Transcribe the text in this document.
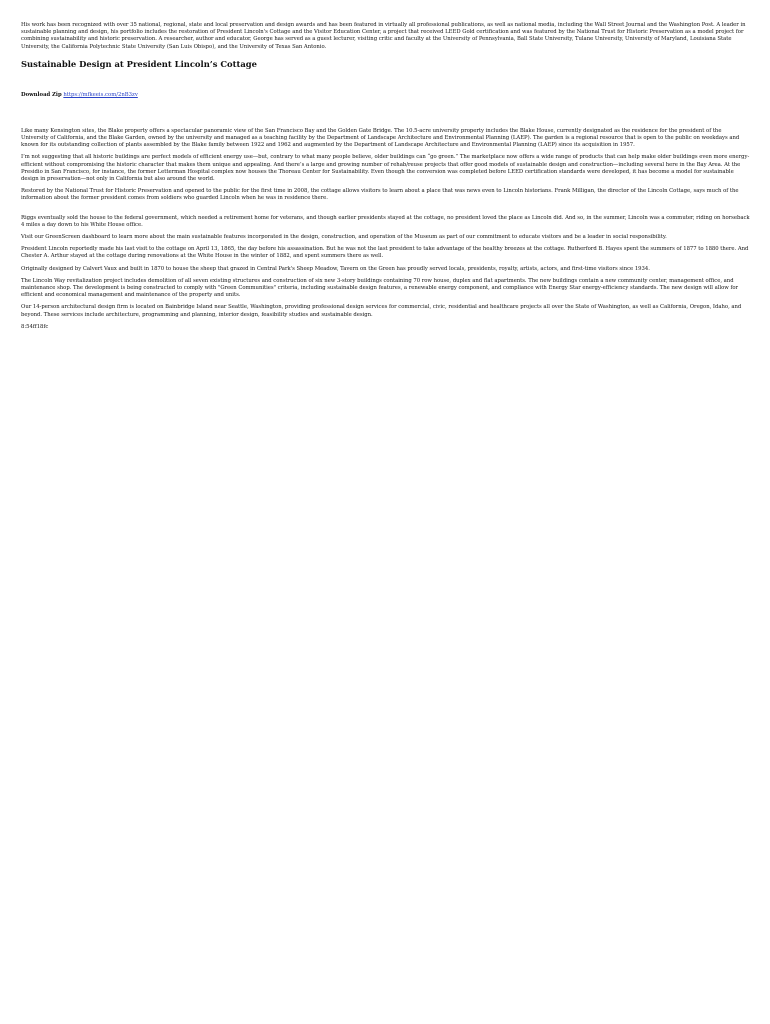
His work has been recognized with over 35 national, regional, state and local preservation and design awards and has been featured in virtually all professional publications, as well as national media, including the Wall Street Journal and the Washington Post. A leader in sustainable planning and design, his portfolio includes the restoration of President Lincoln's Cottage and the Visitor Education Center, a project that received LEED Gold certification and was featured by the National Trust for Historic Preservation as a model project for combining sustainability and historic preservation. A researcher, author and educator, George has served as a guest lecturer, visiting critic and faculty at the University of Pennsylvania, Ball State University, Tulane University, University of Maryland, Louisiana State University, the California Polytechnic State University (San Luis Obispo), and the University of Texas San Antonio.

Sustainable Design at President Lincoln’s Cottage
Download Zip https://mfkeeis.com/2nB3zv

Like many Kensington sites, the Blake property offers a spectacular panoramic view of the San Francisco Bay and the Golden Gate Bridge. The 10.5-acre university property includes the Blake House, currently designated as the residence for the president of the University of California, and the Blake Garden, owned by the university and managed as a teaching facility by the Department of Landscape Architecture and Environmental Planning (LAEP). The garden is a regional resource that is open to the public on weekdays and known for its outstanding collection of plants assembled by the Blake family between 1922 and 1962 and augmented by the Department of Landscape Architecture and Environmental Planning (LAEP) since its acquisition in 1957.

I’m not suggesting that all historic buildings are perfect models of efficient energy use—but, contrary to what many people believe, older buildings can “go green.” The marketplace now offers a wide range of products that can help make older buildings even more energy-efficient without compromising the historic character that makes them unique and appealing. And there’s a large and growing number of rehab/reuse projects that offer good models of sustainable design and construction—including several here in the Bay Area. At the Presidio in San Francisco, for instance, the former Letterman Hospital complex now houses the Thoreau Center for Sustainability. Even though the conversion was completed before LEED certification standards were developed, it has become a model for sustainable design in preservation—not only in California but also around the world.

Restored by the National Trust for Historic Preservation and opened to the public for the first time in 2008, the cottage allows visitors to learn about a place that was news even to Lincoln historians. Frank Milligan, the director of the Lincoln Cottage, says much of the information about the former president comes from soldiers who guarded Lincoln when he was in residence there.

Riggs eventually sold the house to the federal government, which needed a retirement home for veterans, and though earlier presidents stayed at the cottage, no president loved the place as Lincoln did. And so, in the summer, Lincoln was a commuter, riding on horseback 4 miles a day down to his White House office.

Visit our GreenScreen dashboard to learn more about the main sustainable features incorporated in the design, construction, and operation of the Museum as part of our commitment to educate visitors and be a leader in social responsibility.

President Lincoln reportedly made his last visit to the cottage on April 13, 1865, the day before his assassination. But he was not the last president to take advantage of the healthy breezes at the cottage. Rutherford B. Hayes spent the summers of 1877 to 1880 there. And Chester A. Arthur stayed at the cottage during renovations at the White House in the winter of 1882, and spent summers there as well.

Originally designed by Calvert Vaux and built in 1870 to house the sheep that grazed in Central Park's Sheep Meadow, Tavern on the Green has proudly served locals, presidents, royalty, artists, actors, and first-time visitors since 1934.

The Lincoln Way revitalization project includes demolition of all seven existing structures and construction of six new 3-story buildings containing 70 row house, duplex and flat apartments. The new buildings contain a new community center, management office, and maintenance shop. The development is being constructed to comply with "Green Communities" criteria, including sustainable design features, a renewable energy component, and compliance with Energy Star energy-efficiency standards. The new design will allow for efficient and economical management and maintenance of the property and units.

Our 14-person architectural design firm is located on Bainbridge Island near Seattle, Washington, providing professional design services for commercial, civic, residential and healthcare projects all over the State of Washington, as well as California, Oregon, Idaho, and beyond. These services include architecture, programming and planning, interior design, feasibility studies and sustainable design.

8:54ff18fc
